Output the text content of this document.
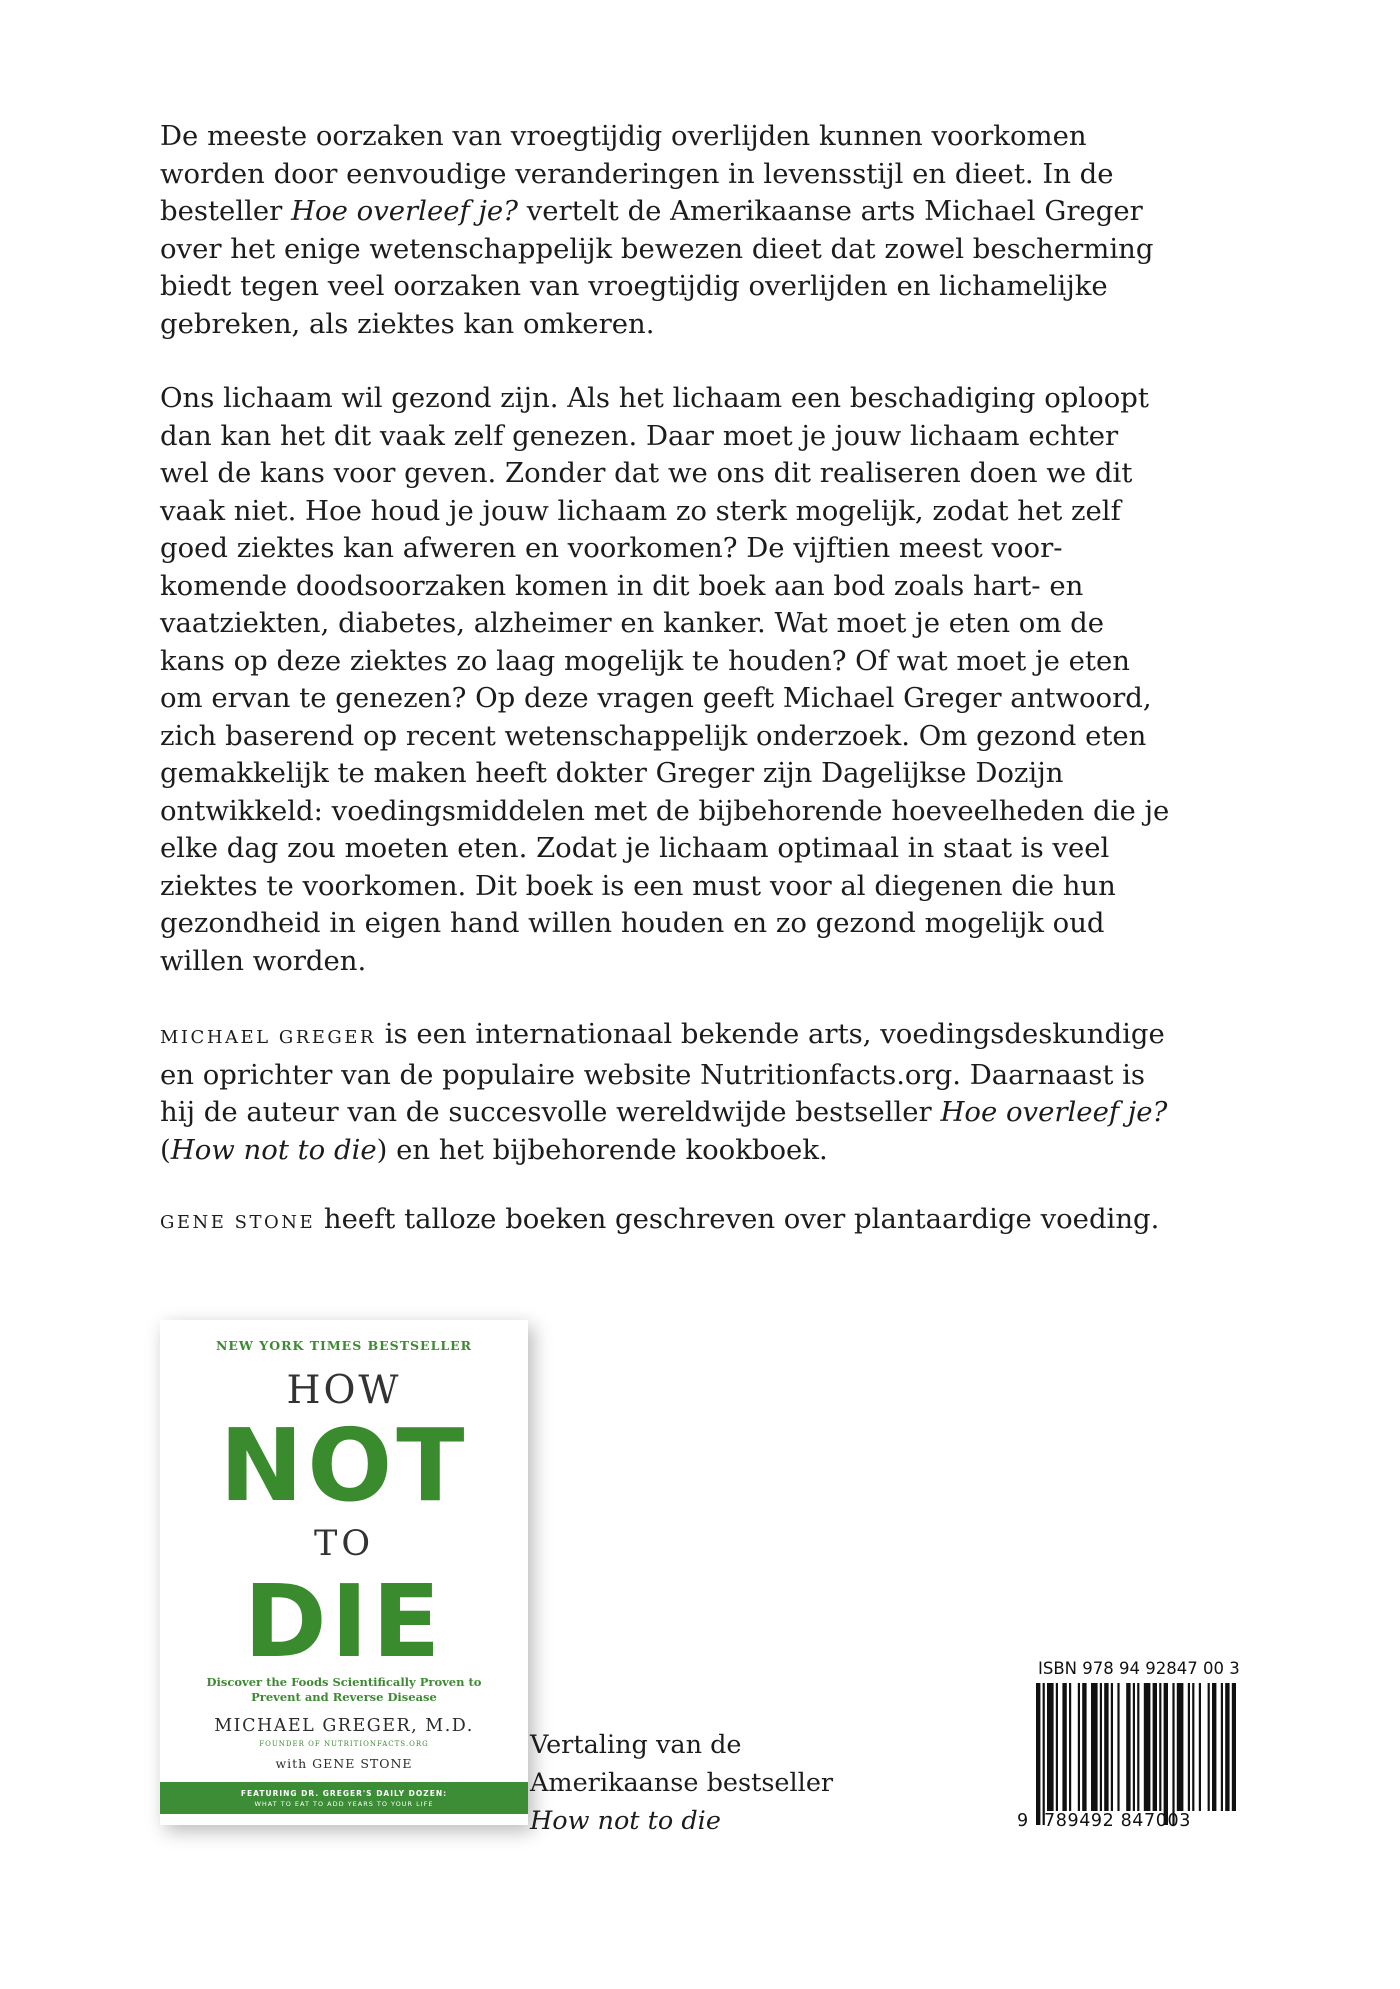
De meeste oorzaken van vroegtijdig overlijden kunnen voorkomen worden door eenvoudige veranderingen in levensstijl en dieet. In de besteller Hoe overleef je? vertelt de Amerikaanse arts Michael Greger over het enige wetenschappelijk bewezen dieet dat zowel bescherming biedt tegen veel oorzaken van vroegtijdig overlijden en lichamelijke gebreken, als ziektes kan omkeren.

Ons lichaam wil gezond zijn. Als het lichaam een beschadiging oploopt dan kan het dit vaak zelf genezen. Daar moet je jouw lichaam echter wel de kans voor geven. Zonder dat we ons dit realiseren doen we dit vaak niet. Hoe houd je jouw lichaam zo sterk mogelijk, zodat het zelf goed ziektes kan afweren en voorkomen? De vijftien meest voorkomende doodsoorzaken komen in dit boek aan bod zoals hart- en vaatziekten, diabetes, alzheimer en kanker. Wat moet je eten om de kans op deze ziektes zo laag mogelijk te houden? Of wat moet je eten om ervan te genezen? Op deze vragen geeft Michael Greger antwoord, zich baserend op recent wetenschappelijk onderzoek. Om gezond eten gemakkelijk te maken heeft dokter Greger zijn Dagelijkse Dozijn ontwikkeld: voedingsmiddelen met de bijbehorende hoeveelheden die je elke dag zou moeten eten. Zodat je lichaam optimaal in staat is veel ziektes te voorkomen. Dit boek is een must voor al diegenen die hun gezondheid in eigen hand willen houden en zo gezond mogelijk oud willen worden.

MICHAEL GREGER is een internationaal bekende arts, voedingsdeskundige en oprichter van de populaire website Nutritionfacts.org. Daarnaast is hij de auteur van de succesvolle wereldwijde bestseller Hoe overleef je? (How not to die) en het bijbehorende kookboek.

GENE STONE heeft talloze boeken geschreven over plantaardige voeding.

NEW YORK TIMES BESTSELLER
HOW
NOT
TO
DIE
Discover the Foods Scientifically Proven to
Prevent and Reverse Disease
MICHAEL GREGER, M.D.
FOUNDER OF NUTRITIONFACTS.ORG
with GENE STONE
FEATURING DR. GREGER'S DAILY DOZEN:
WHAT TO EAT TO ADD YEARS TO YOUR LIFE
Vertaling van de
Amerikaanse bestseller
How not to die
ISBN 978 94 92847 00 3
9 789492 847003
